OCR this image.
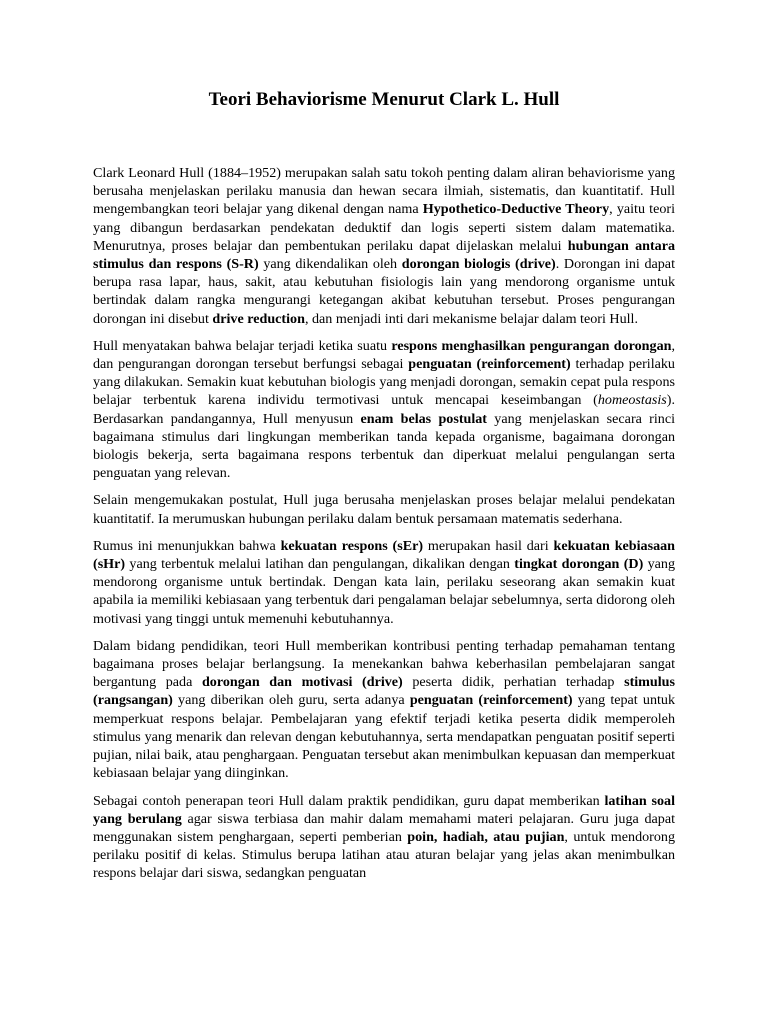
Teori Behaviorisme Menurut Clark L. Hull

Clark Leonard Hull (1884–1952) merupakan salah satu tokoh penting dalam aliran behaviorisme yang berusaha menjelaskan perilaku manusia dan hewan secara ilmiah, sistematis, dan kuantitatif. Hull mengembangkan teori belajar yang dikenal dengan nama Hypothetico-Deductive Theory, yaitu teori yang dibangun berdasarkan pendekatan deduktif dan logis seperti sistem dalam matematika. Menurutnya, proses belajar dan pembentukan perilaku dapat dijelaskan melalui hubungan antara stimulus dan respons (S-R) yang dikendalikan oleh dorongan biologis (drive). Dorongan ini dapat berupa rasa lapar, haus, sakit, atau kebutuhan fisiologis lain yang mendorong organisme untuk bertindak dalam rangka mengurangi ketegangan akibat kebutuhan tersebut. Proses pengurangan dorongan ini disebut drive reduction, dan menjadi inti dari mekanisme belajar dalam teori Hull.

Hull menyatakan bahwa belajar terjadi ketika suatu respons menghasilkan pengurangan dorongan, dan pengurangan dorongan tersebut berfungsi sebagai penguatan (reinforcement) terhadap perilaku yang dilakukan. Semakin kuat kebutuhan biologis yang menjadi dorongan, semakin cepat pula respons belajar terbentuk karena individu termotivasi untuk mencapai keseimbangan (homeostasis). Berdasarkan pandangannya, Hull menyusun enam belas postulat yang menjelaskan secara rinci bagaimana stimulus dari lingkungan memberikan tanda kepada organisme, bagaimana dorongan biologis bekerja, serta bagaimana respons terbentuk dan diperkuat melalui pengulangan serta penguatan yang relevan.

Selain mengemukakan postulat, Hull juga berusaha menjelaskan proses belajar melalui pendekatan kuantitatif. Ia merumuskan hubungan perilaku dalam bentuk persamaan matematis sederhana.

Rumus ini menunjukkan bahwa kekuatan respons (sEr) merupakan hasil dari kekuatan kebiasaan (sHr) yang terbentuk melalui latihan dan pengulangan, dikalikan dengan tingkat dorongan (D) yang mendorong organisme untuk bertindak. Dengan kata lain, perilaku seseorang akan semakin kuat apabila ia memiliki kebiasaan yang terbentuk dari pengalaman belajar sebelumnya, serta didorong oleh motivasi yang tinggi untuk memenuhi kebutuhannya.

Dalam bidang pendidikan, teori Hull memberikan kontribusi penting terhadap pemahaman tentang bagaimana proses belajar berlangsung. Ia menekankan bahwa keberhasilan pembelajaran sangat bergantung pada dorongan dan motivasi (drive) peserta didik, perhatian terhadap stimulus (rangsangan) yang diberikan oleh guru, serta adanya penguatan (reinforcement) yang tepat untuk memperkuat respons belajar. Pembelajaran yang efektif terjadi ketika peserta didik memperoleh stimulus yang menarik dan relevan dengan kebutuhannya, serta mendapatkan penguatan positif seperti pujian, nilai baik, atau penghargaan. Penguatan tersebut akan menimbulkan kepuasan dan memperkuat kebiasaan belajar yang diinginkan.

Sebagai contoh penerapan teori Hull dalam praktik pendidikan, guru dapat memberikan latihan soal yang berulang agar siswa terbiasa dan mahir dalam memahami materi pelajaran. Guru juga dapat menggunakan sistem penghargaan, seperti pemberian poin, hadiah, atau pujian, untuk mendorong perilaku positif di kelas. Stimulus berupa latihan atau aturan belajar yang jelas akan menimbulkan respons belajar dari siswa, sedangkan penguatan
